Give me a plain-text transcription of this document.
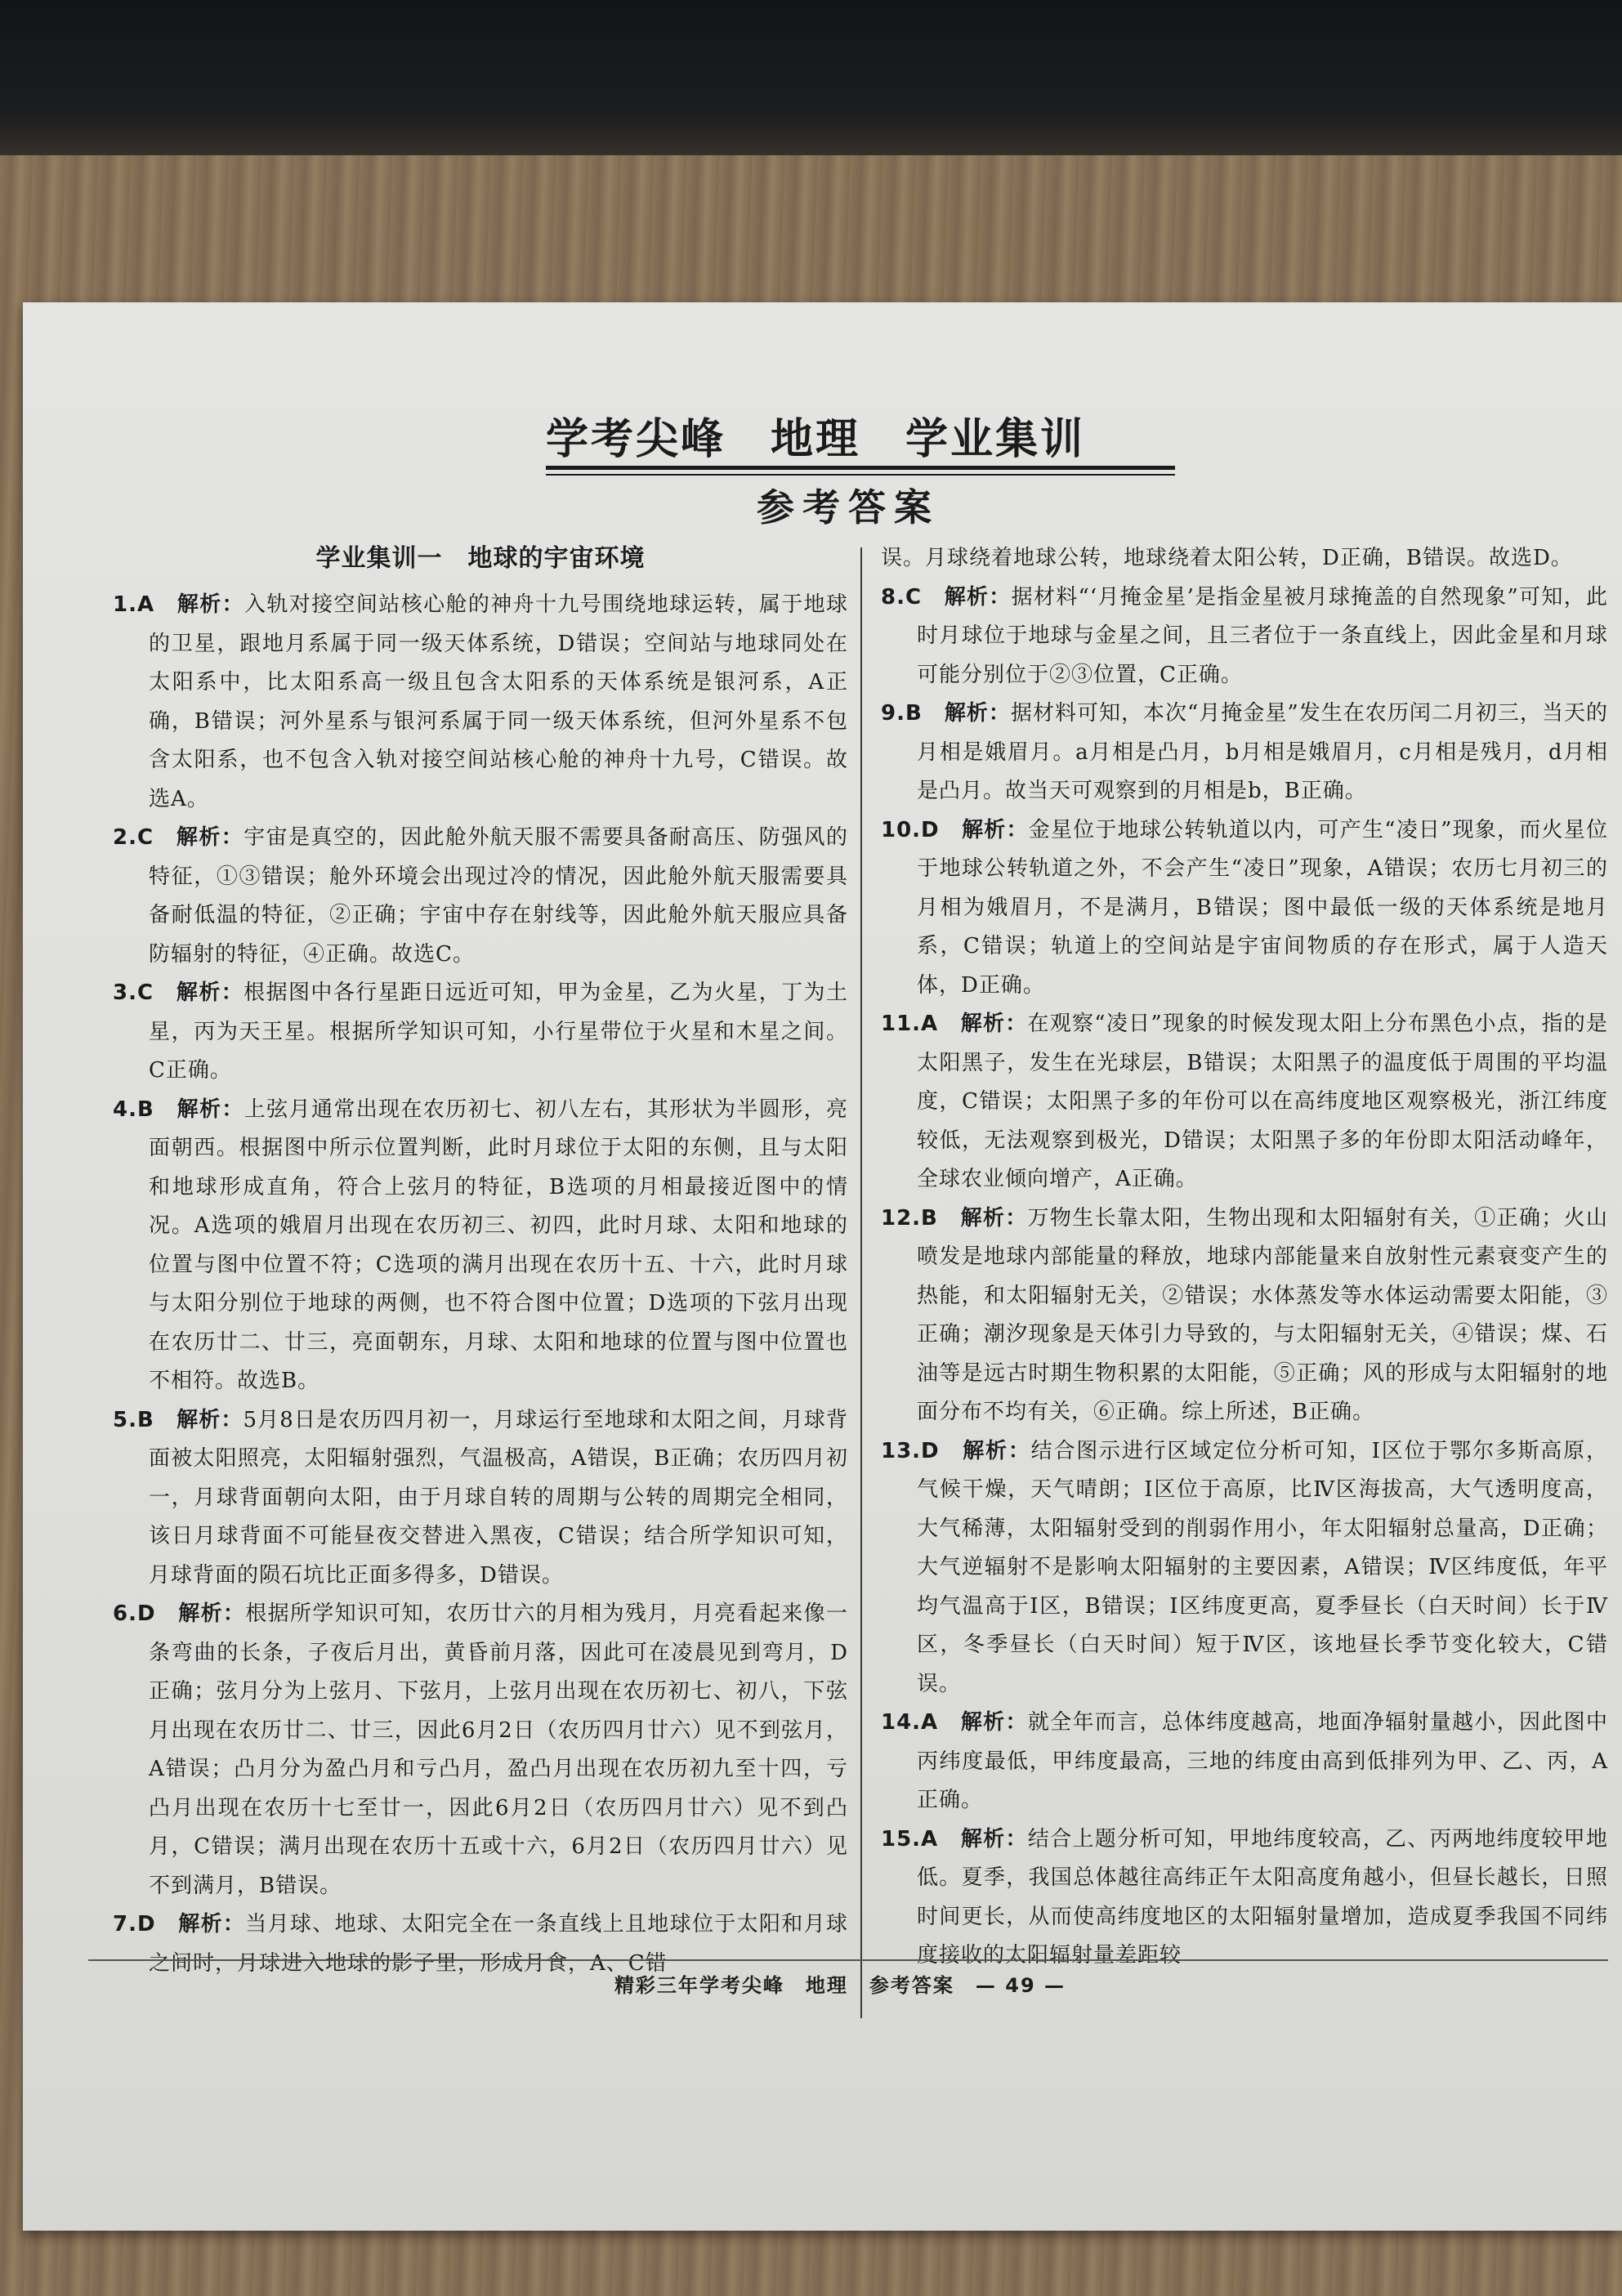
学考尖峰　地理　学业集训
参考答案
学业集训一　地球的宇宙环境

1.A　 解析：入轨对接空间站核心舱的神舟十九号围绕地球运转，属于地球的卫星，跟地月系属于同一级天体系统，D错误；空间站与地球同处在太阳系中，比太阳系高一级且包含太阳系的天体系统是银河系，A正确，B错误；河外星系与银河系属于同一级天体系统，但河外星系不包含太阳系，也不包含入轨对接空间站核心舱的神舟十九号，C错误。故选A。

2.C　 解析：宇宙是真空的，因此舱外航天服不需要具备耐高压、防强风的特征，①③错误；舱外环境会出现过冷的情况，因此舱外航天服需要具备耐低温的特征，②正确；宇宙中存在射线等，因此舱外航天服应具备防辐射的特征，④正确。故选C。

3.C　 解析：根据图中各行星距日远近可知，甲为金星，乙为火星，丁为土星，丙为天王星。根据所学知识可知，小行星带位于火星和木星之间。C正确。

4.B　 解析：上弦月通常出现在农历初七、初八左右，其形状为半圆形，亮面朝西。根据图中所示位置判断，此时月球位于太阳的东侧，且与太阳和地球形成直角，符合上弦月的特征，B选项的月相最接近图中的情况。A选项的娥眉月出现在农历初三、初四，此时月球、太阳和地球的位置与图中位置不符；C选项的满月出现在农历十五、十六，此时月球与太阳分别位于地球的两侧，也不符合图中位置；D选项的下弦月出现在农历廿二、廿三，亮面朝东，月球、太阳和地球的位置与图中位置也不相符。故选B。

5.B　 解析：5月8日是农历四月初一，月球运行至地球和太阳之间，月球背面被太阳照亮，太阳辐射强烈，气温极高，A错误，B正确；农历四月初一，月球背面朝向太阳，由于月球自转的周期与公转的周期完全相同，该日月球背面不可能昼夜交替进入黑夜，C错误；结合所学知识可知，月球背面的陨石坑比正面多得多，D错误。

6.D　 解析：根据所学知识可知，农历廿六的月相为残月，月亮看起来像一条弯曲的长条，子夜后月出，黄昏前月落，因此可在凌晨见到弯月，D正确；弦月分为上弦月、下弦月，上弦月出现在农历初七、初八，下弦月出现在农历廿二、廿三，因此6月2日（农历四月廿六）见不到弦月，A错误；凸月分为盈凸月和亏凸月，盈凸月出现在农历初九至十四，亏凸月出现在农历十七至廿一，因此6月2日（农历四月廿六）见不到凸月，C错误；满月出现在农历十五或十六，6月2日（农历四月廿六）见不到满月，B错误。

7.D　 解析：当月球、地球、太阳完全在一条直线上且地球位于太阳和月球之间时，月球进入地球的影子里，形成月食，A、C错

误。月球绕着地球公转，地球绕着太阳公转，D正确，B错误。故选D。

8.C　 解析：据材料“‘月掩金星’是指金星被月球掩盖的自然现象”可知，此时月球位于地球与金星之间，且三者位于一条直线上，因此金星和月球可能分别位于②③位置，C正确。

9.B　 解析：据材料可知，本次“月掩金星”发生在农历闰二月初三，当天的月相是娥眉月。a月相是凸月，b月相是娥眉月，c月相是残月，d月相是凸月。故当天可观察到的月相是b，B正确。

10.D　 解析：金星位于地球公转轨道以内，可产生“凌日”现象，而火星位于地球公转轨道之外，不会产生“凌日”现象，A错误；农历七月初三的月相为娥眉月，不是满月，B错误；图中最低一级的天体系统是地月系，C错误；轨道上的空间站是宇宙间物质的存在形式，属于人造天体，D正确。

11.A　 解析：在观察“凌日”现象的时候发现太阳上分布黑色小点，指的是太阳黑子，发生在光球层，B错误；太阳黑子的温度低于周围的平均温度，C错误；太阳黑子多的年份可以在高纬度地区观察极光，浙江纬度较低，无法观察到极光，D错误；太阳黑子多的年份即太阳活动峰年，全球农业倾向增产，A正确。

12.B　 解析：万物生长靠太阳，生物出现和太阳辐射有关，①正确；火山喷发是地球内部能量的释放，地球内部能量来自放射性元素衰变产生的热能，和太阳辐射无关，②错误；水体蒸发等水体运动需要太阳能，③正确；潮汐现象是天体引力导致的，与太阳辐射无关，④错误；煤、石油等是远古时期生物积累的太阳能，⑤正确；风的形成与太阳辐射的地面分布不均有关，⑥正确。综上所述，B正确。

13.D　 解析：结合图示进行区域定位分析可知，Ⅰ区位于鄂尔多斯高原，气候干燥，天气晴朗；Ⅰ区位于高原，比Ⅳ区海拔高，大气透明度高，大气稀薄，太阳辐射受到的削弱作用小，年太阳辐射总量高，D正确；大气逆辐射不是影响太阳辐射的主要因素，A错误；Ⅳ区纬度低，年平均气温高于Ⅰ区，B错误；Ⅰ区纬度更高，夏季昼长（白天时间）长于Ⅳ区，冬季昼长（白天时间）短于Ⅳ区，该地昼长季节变化较大，C错误。

14.A　 解析：就全年而言，总体纬度越高，地面净辐射量越小，因此图中丙纬度最低，甲纬度最高，三地的纬度由高到低排列为甲、乙、丙，A正确。

15.A　 解析：结合上题分析可知，甲地纬度较高，乙、丙两地纬度较甲地低。夏季，我国总体越往高纬正午太阳高度角越小，但昼长越长，日照时间更长，从而使高纬度地区的太阳辐射量增加，造成夏季我国不同纬度接收的太阳辐射量差距较

精彩三年学考尖峰　地理　参考答案　— 49 —
